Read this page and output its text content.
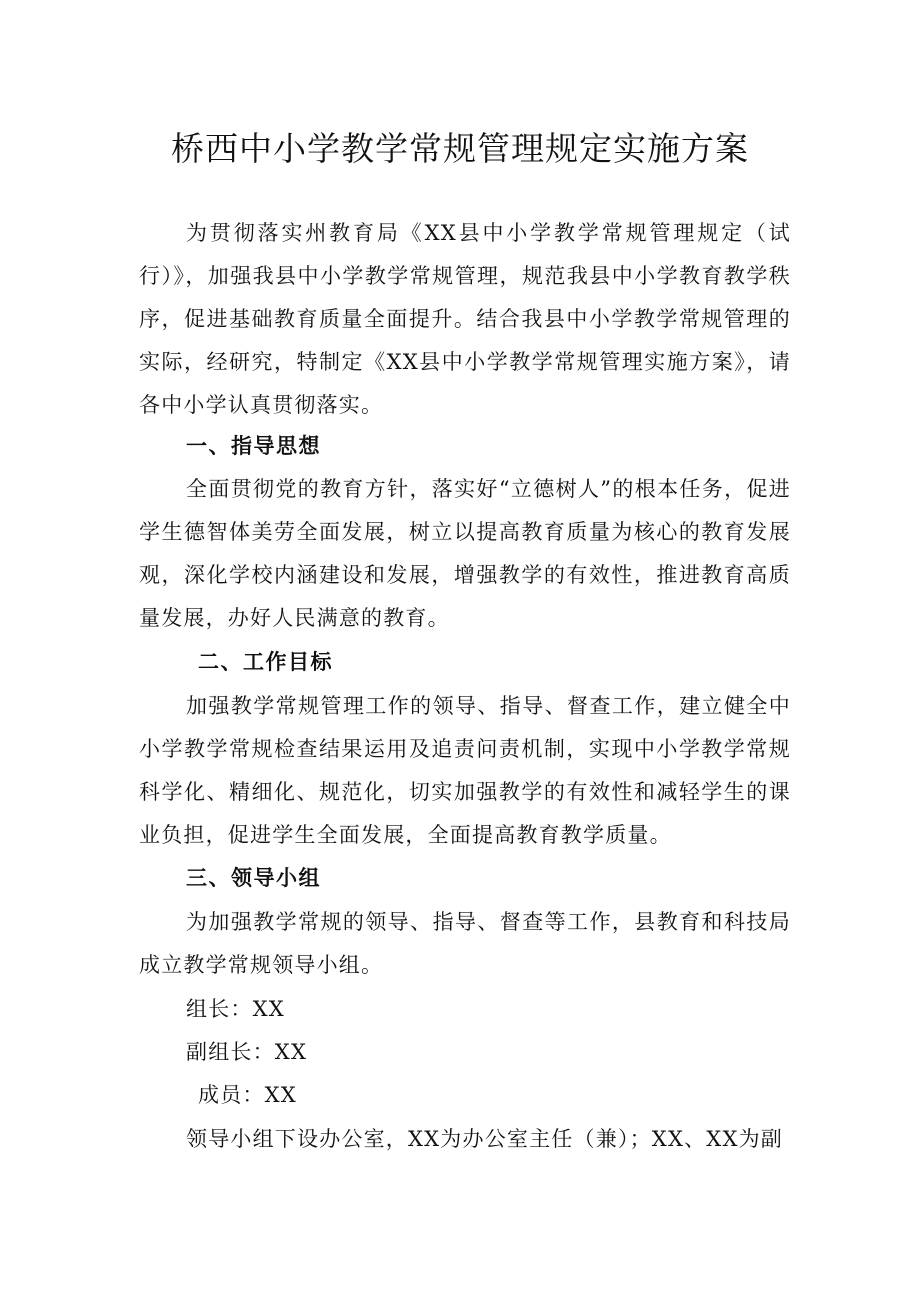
桥西中小学教学常规管理规定实施方案

为贯彻落实州教育局《XX县中小学教学常规管理规定（试行）》，加强我县中小学教学常规管理，规范我县中小学教育教学秩序，促进基础教育质量全面提升。结合我县中小学教学常规管理的实际，经研究，特制定《XX县中小学教学常规管理实施方案》，请各中小学认真贯彻落实。

一、指导思想

全面贯彻党的教育方针，落实好“立德树人”的根本任务，促进学生德智体美劳全面发展，树立以提高教育质量为核心的教育发展观，深化学校内涵建设和发展，增强教学的有效性，推进教育高质量发展，办好人民满意的教育。

二、工作目标

加强教学常规管理工作的领导、指导、督查工作，建立健全中小学教学常规检查结果运用及追责问责机制，实现中小学教学常规科学化、精细化、规范化，切实加强教学的有效性和减轻学生的课业负担，促进学生全面发展，全面提高教育教学质量。

三、领导小组

为加强教学常规的领导、指导、督查等工作，县教育和科技局成立教学常规领导小组。

组长：XX

副组长：XX

成员：XX

领导小组下设办公室，XX为办公室主任（兼）；XX、XX为副
